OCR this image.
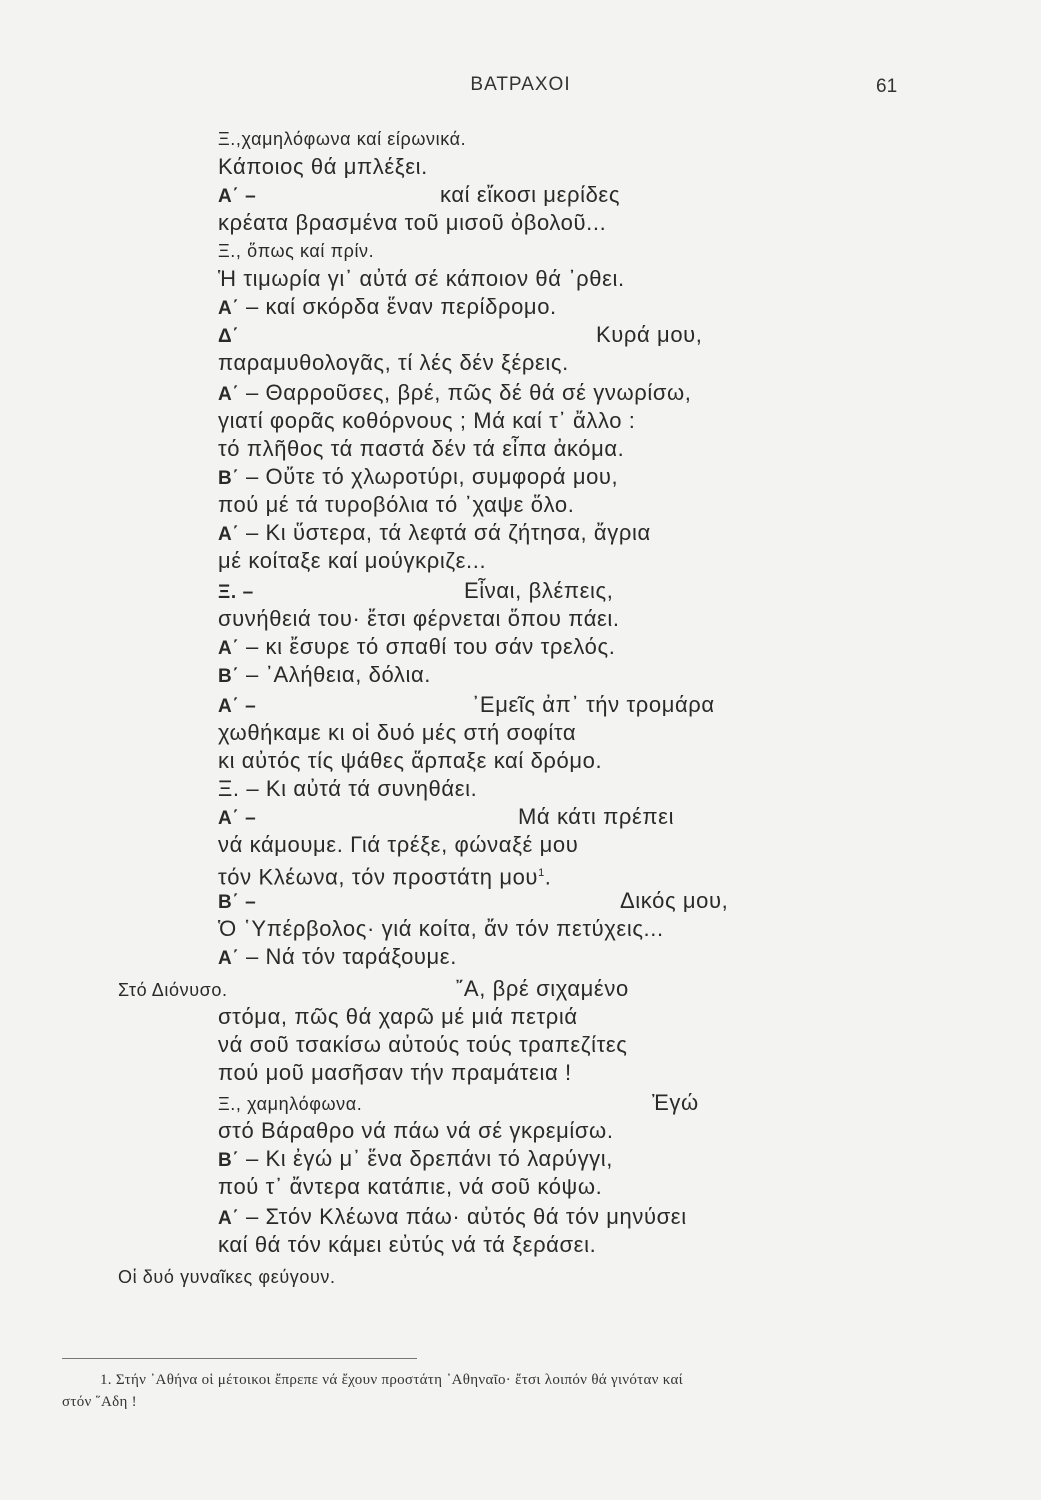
ΒΑΤΡΑΧΟΙ	61
Ξ.,χαμηλόφωνα καί είρωνικά.
Κάποιος θά μπλέξει.
Α΄ –	καί εἴκοσι μερίδες
κρέατα βρασμένα τοῦ μισοῦ ὀβολοῦ...
Ξ., ὅπως καί πρίν.
Ἡ τιμωρία γι᾽ αὐτά σέ κάποιον θά ᾽ρθει.
Α΄ – καί σκόρδα ἕναν περίδρομο.
Δ΄	Κυρά μου,
παραμυθολογᾶς, τί λές δέν ξέρεις.
Α΄ – Θαρροῦσες, βρέ, πῶς δέ θά σέ γνωρίσω,
γιατί φορᾶς κοθόρνους ; Μά καί τ᾽ ἄλλο :
τό πλῆθος τά παστά δέν τά εἶπα ἀκόμα.
Β΄ – Οὔτε τό χλωροτύρι, συμφορά μου,
πού μέ τά τυροβόλια τό ᾽χαψε ὅλο.
Α΄ – Κι ὕστερα, τά λεφτά σά ζήτησα, ἄγρια
μέ κοίταξε καί μούγκριζε...
Ξ. –	Εἶναι, βλέπεις,
συνήθειά του· ἔτσι φέρνεται ὅπου πάει.
Α΄ – κι ἔσυρε τό σπαθί του σάν τρελός.
Β΄ – ᾽Αλήθεια, δόλια.
Α΄ –	᾽Εμεῖς ἀπ᾽ τήν τρομάρα
χωθήκαμε κι οἱ δυό μές στή σοφίτα
κι αὐτός τίς ψάθες ἅρπαξε καί δρόμο.
Ξ. – Κι αὐτά τά συνηθάει.
Α΄ –	Μά κάτι πρέπει
νά κάμουμε. Γιά τρέξε, φώναξέ μου
τόν Κλέωνα, τόν προστάτη μου$^1$.
Β΄ –	Δικός μου,
Ὁ ῾Υπέρβολος· γιά κοίτα, ἄν τόν πετύχεις...
Α΄ – Νά τόν ταράξουμε.
Στό Διόνυσο.	῎Α, βρέ σιχαμένο
στόμα, πῶς θά χαρῶ μέ μιά πετριά
νά σοῦ τσακίσω αὐτούς τούς τραπεζίτες
πού μοῦ μασῆσαν τήν πραμάτεια !
Ξ., χαμηλόφωνα.	Ἐγώ
στό Βάραθρο νά πάω νά σέ γκρεμίσω.
Β΄ – Κι ἐγώ μ᾽ ἕνα δρεπάνι τό λαρύγγι,
πού τ᾽ ἄντερα κατάπιε, νά σοῦ κόψω.
Α΄ – Στόν Κλέωνα πάω· αὐτός θά τόν μηνύσει
καί θά τόν κάμει εὐτύς νά τά ξεράσει.
Οἱ δυό γυναῖκες φεύγουν.
1. Στήν ᾽Αθήνα οἱ μέτοικοι ἔπρεπε νά ἔχουν προστάτη ᾽Αθηναῖο· ἔτσι λοιπόν θά γινόταν καί
στόν ῞Αδη !
